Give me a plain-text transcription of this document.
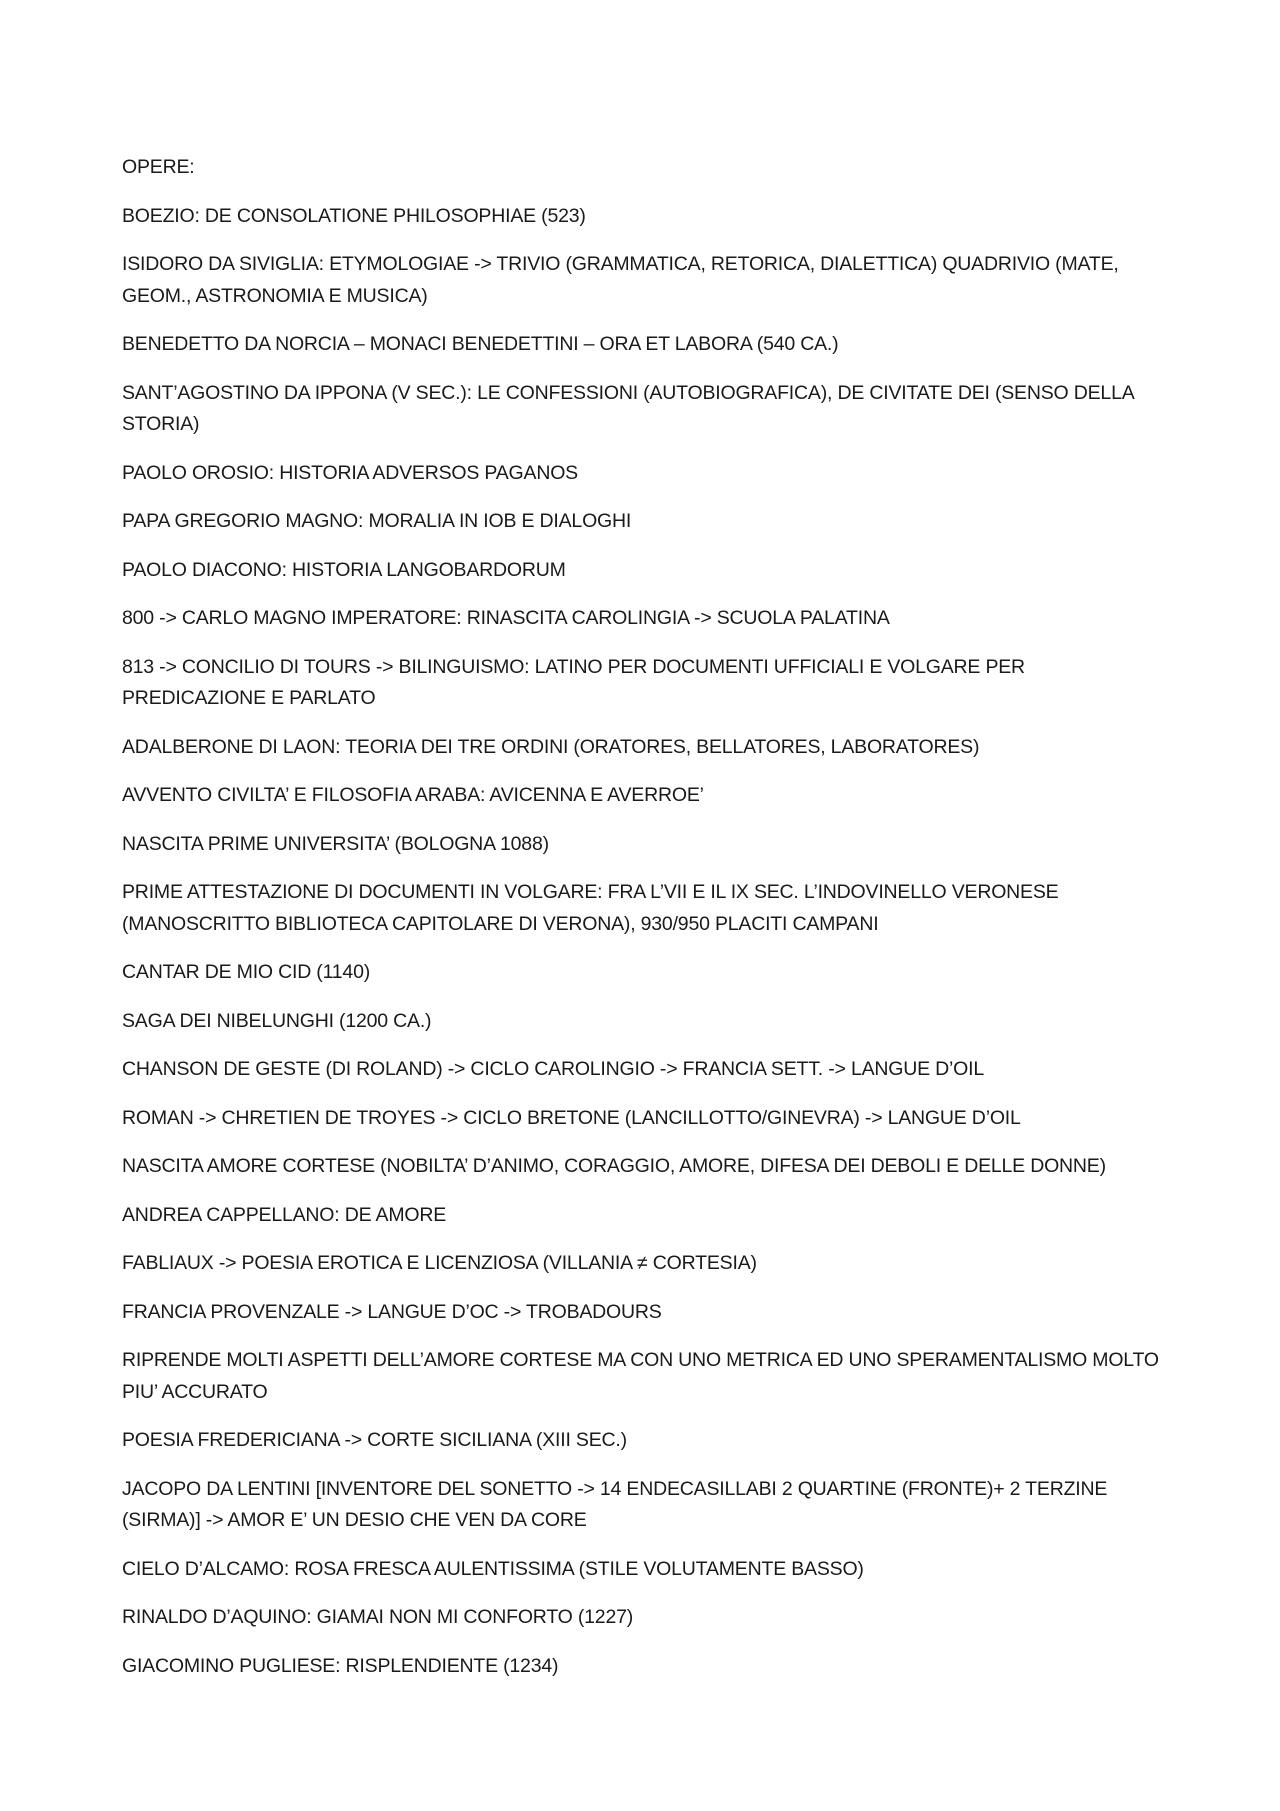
OPERE:

BOEZIO: DE CONSOLATIONE PHILOSOPHIAE (523)

ISIDORO DA SIVIGLIA: ETYMOLOGIAE -> TRIVIO (GRAMMATICA, RETORICA, DIALETTICA) QUADRIVIO (MATE, GEOM., ASTRONOMIA E MUSICA)

BENEDETTO DA NORCIA – MONACI BENEDETTINI – ORA ET LABORA (540 CA.)

SANT’AGOSTINO DA IPPONA (V SEC.): LE CONFESSIONI (AUTOBIOGRAFICA), DE CIVITATE DEI (SENSO DELLA STORIA)

PAOLO OROSIO: HISTORIA ADVERSOS PAGANOS

PAPA GREGORIO MAGNO: MORALIA IN IOB E DIALOGHI

PAOLO DIACONO: HISTORIA LANGOBARDORUM

800 -> CARLO MAGNO IMPERATORE: RINASCITA CAROLINGIA -> SCUOLA PALATINA

813 -> CONCILIO DI TOURS -> BILINGUISMO: LATINO PER DOCUMENTI UFFICIALI E VOLGARE PER PREDICAZIONE E PARLATO

ADALBERONE DI LAON: TEORIA DEI TRE ORDINI (ORATORES, BELLATORES, LABORATORES)

AVVENTO CIVILTA’ E FILOSOFIA ARABA: AVICENNA E AVERROE’

NASCITA PRIME UNIVERSITA’ (BOLOGNA 1088)

PRIME ATTESTAZIONE DI DOCUMENTI IN VOLGARE: FRA L’VII E IL IX SEC. L’INDOVINELLO VERONESE (MANOSCRITTO BIBLIOTECA CAPITOLARE DI VERONA), 930/950 PLACITI CAMPANI

CANTAR DE MIO CID (1140)

SAGA DEI NIBELUNGHI (1200 CA.)

CHANSON DE GESTE (DI ROLAND) -> CICLO CAROLINGIO -> FRANCIA SETT. -> LANGUE D’OIL

ROMAN -> CHRETIEN DE TROYES -> CICLO BRETONE (LANCILLOTTO/GINEVRA) -> LANGUE D’OIL

NASCITA AMORE CORTESE (NOBILTA’ D’ANIMO, CORAGGIO, AMORE, DIFESA DEI DEBOLI E DELLE DONNE)

ANDREA CAPPELLANO: DE AMORE

FABLIAUX -> POESIA EROTICA E LICENZIOSA (VILLANIA ≠ CORTESIA)

FRANCIA PROVENZALE -> LANGUE D’OC -> TROBADOURS

RIPRENDE MOLTI ASPETTI DELL’AMORE CORTESE MA CON UNO METRICA ED UNO SPERAMENTALISMO MOLTO PIU’ ACCURATO

POESIA FREDERICIANA -> CORTE SICILIANA (XIII SEC.)

JACOPO DA LENTINI [INVENTORE DEL SONETTO -> 14 ENDECASILLABI 2 QUARTINE (FRONTE)+ 2 TERZINE (SIRMA)] -> AMOR E’ UN DESIO CHE VEN DA CORE

CIELO D’ALCAMO: ROSA FRESCA AULENTISSIMA (STILE VOLUTAMENTE BASSO)

RINALDO D’AQUINO: GIAMAI NON MI CONFORTO (1227)

GIACOMINO PUGLIESE: RISPLENDIENTE (1234)
